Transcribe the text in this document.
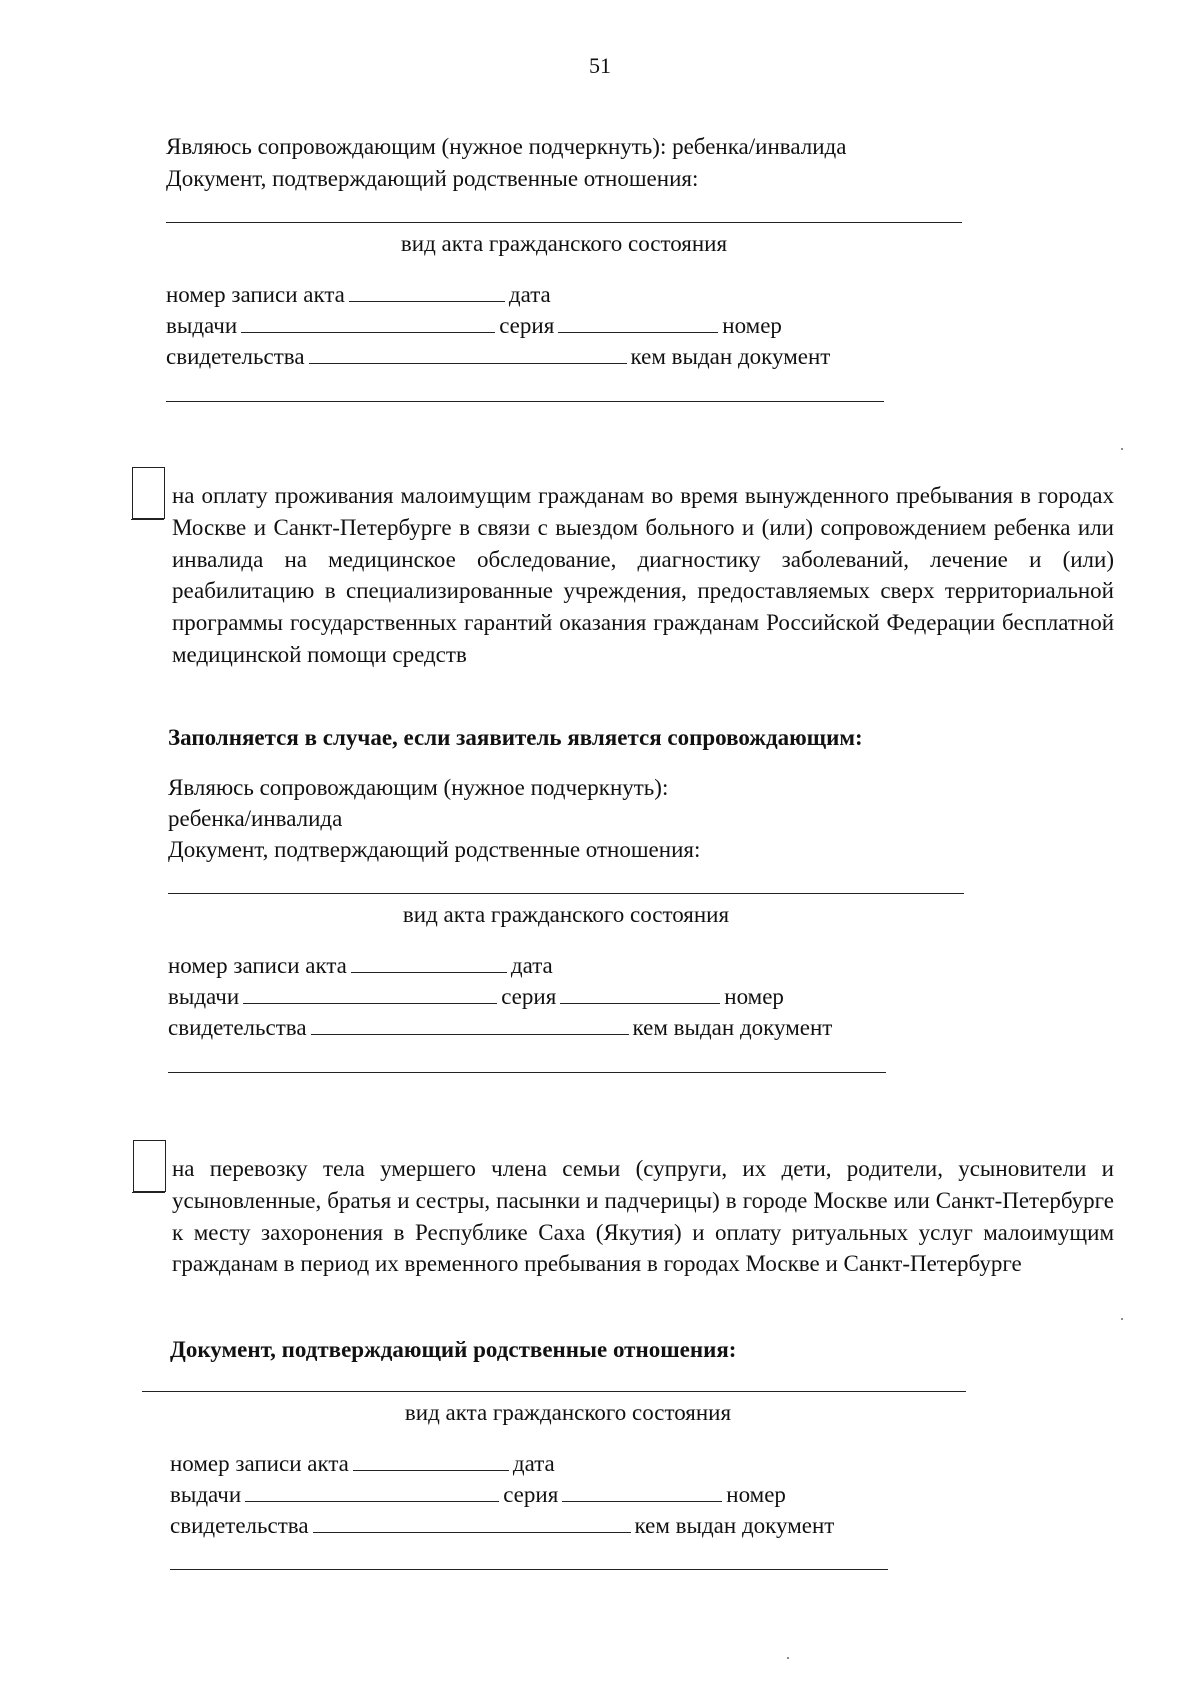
51
Являюсь сопровождающим (нужное подчеркнуть): ребенка/инвалида
Документ, подтверждающий родственные отношения:
вид акта гражданского состояния
номер записи акта	дата
выдачи	серия	номер
свидетельства	кем выдан документ
на оплату проживания малоимущим гражданам во время вынужденного пребывания в городах Москве и Санкт-Петербурге в связи с выездом больного и (или) сопровождением ребенка или инвалида на медицинское обследование, диагностику заболеваний, лечение и (или) реабилитацию в специализированные учреждения, предоставляемых сверх территориальной программы государственных гарантий оказания гражданам Российской Федерации бесплатной медицинской помощи средств
Заполняется в случае, если заявитель является сопровождающим:
Являюсь сопровождающим (нужное подчеркнуть):
ребенка/инвалида
Документ, подтверждающий родственные отношения:
вид акта гражданского состояния
номер записи акта	дата
выдачи	серия	номер
свидетельства	кем выдан документ
на перевозку тела умершего члена семьи (супруги, их дети, родители, усыновители и усыновленные, братья и сестры, пасынки и падчерицы) в городе Москве или Санкт-Петербурге к месту захоронения в Республике Саха (Якутия) и оплату ритуальных услуг малоимущим гражданам в период их временного пребывания в городах Москве и Санкт-Петербурге
Документ, подтверждающий родственные отношения:
вид акта гражданского состояния
номер записи акта	дата
выдачи	серия	номер
свидетельства	кем выдан документ
